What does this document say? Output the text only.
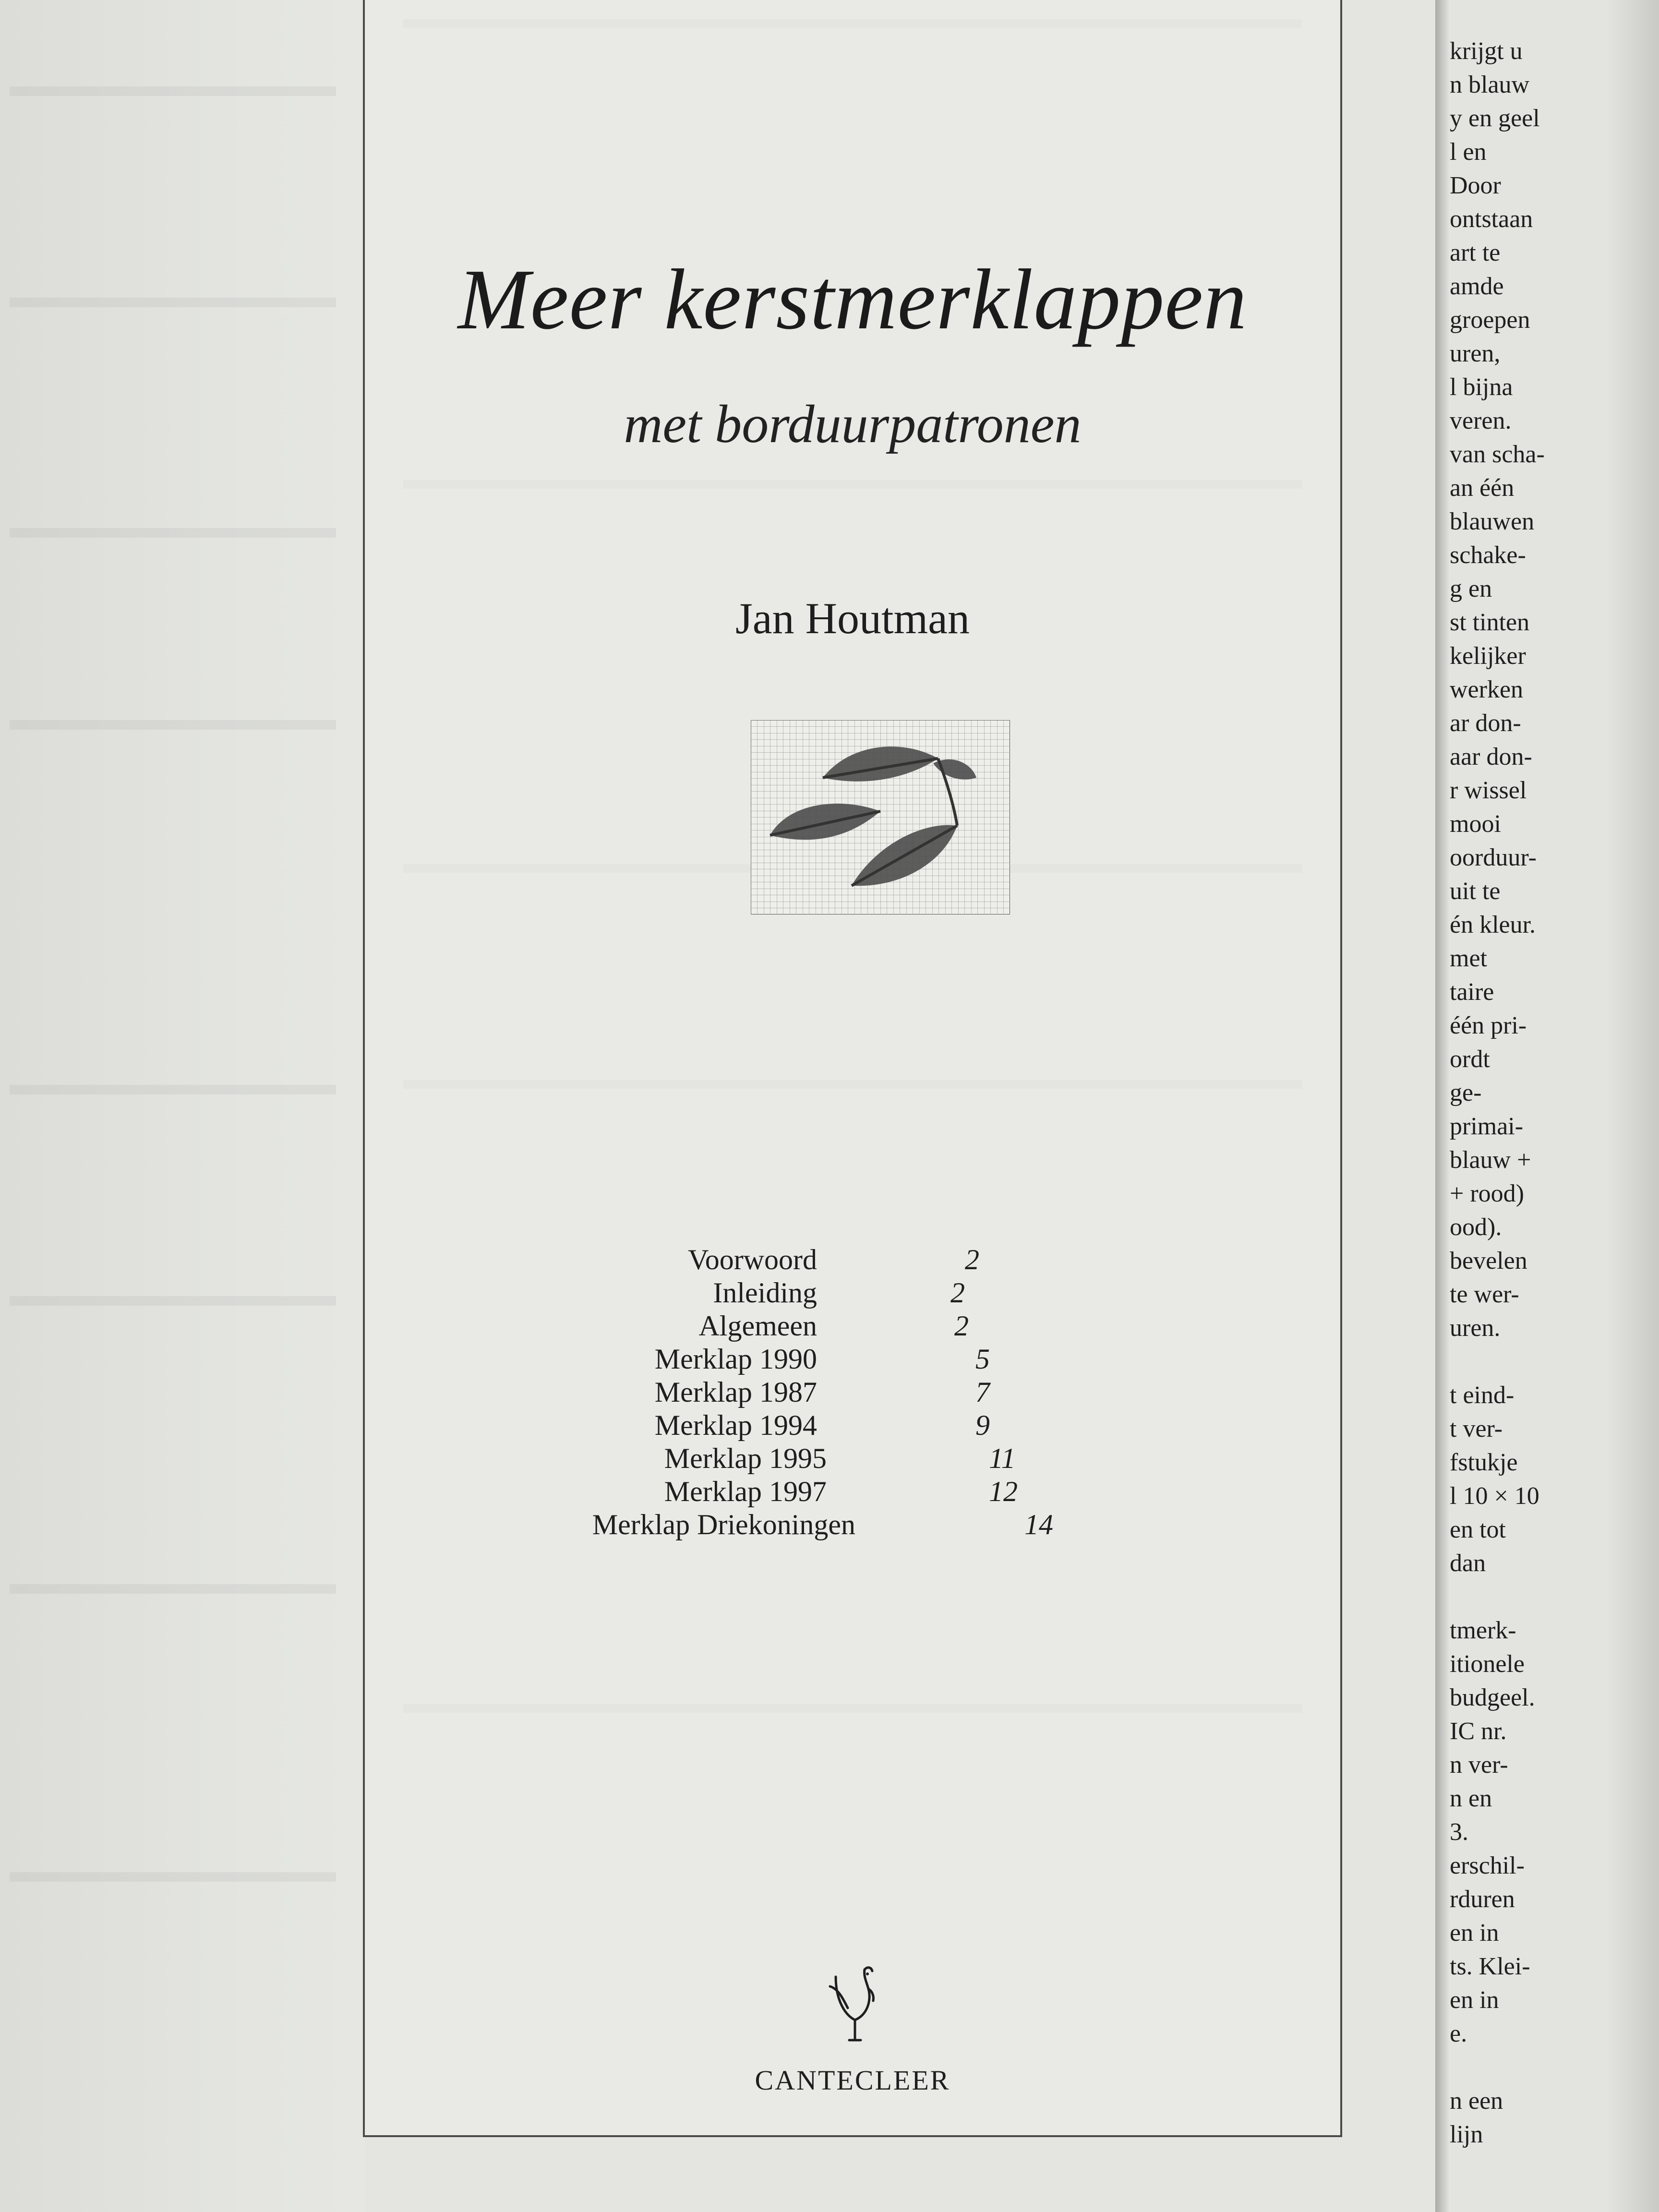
Meer kerstmerklappen
met borduurpatronen
Jan Houtman
Voorwoord	2
Inleiding	2
Algemeen	2
Merklap 1990	5
Merklap 1987	7
Merklap 1994	9
Merklap 1995	11
Merklap 1997	12
Merklap Driekoningen	14
CANTECLEER
krijgt u
n blauw
y en geel
l en
Door
ontstaan
art te
amde
groepen
uren,
l bijna
veren.
van scha-
an één
blauwen
schake-
g en
st tinten
kelijker
werken
ar don-
aar don-
r wissel
mooi
oorduur-
uit te
én kleur.
met
taire
één pri-
ordt
ge-
primai-
blauw +
+ rood)
ood).
bevelen
te wer-
uren.
t eind-
t ver-
fstukje
l 10 × 10
en tot
dan
tmerk-
itionele
budgeel.
IC nr.
n ver-
n en
3.
erschil-
rduren
en in
ts. Klei-
en in
e.
n een
lijn
